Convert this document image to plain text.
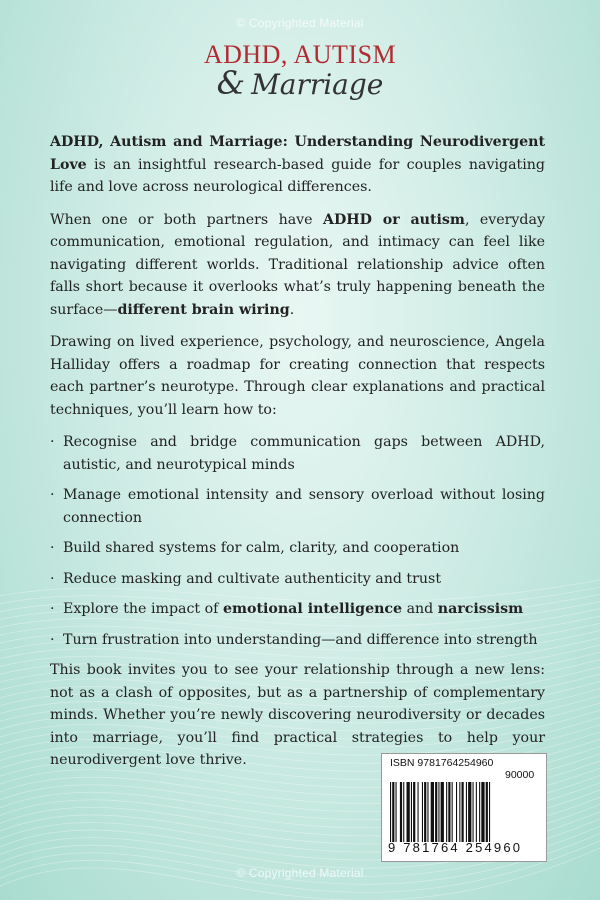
© Copyrighted Material
ADHD, AUTISM
& Marriage

ADHD, Autism and Marriage: Understanding Neurodivergent Love is an insightful research-based guide for couples navigating life and love across neurological differences.

When one or both partners have ADHD or autism, everyday communication, emotional regulation, and intimacy can feel like navigating different worlds. Traditional relationship advice often falls short because it overlooks what’s truly happening beneath the surface—different brain wiring.

Drawing on lived experience, psychology, and neuroscience, Angela Halliday offers a roadmap for creating connection that respects each partner’s neurotype. Through clear explanations and practical techniques, you’ll learn how to:

· Recognise and bridge communication gaps between ADHD, autistic, and neurotypical minds
· Manage emotional intensity and sensory overload without losing connection
· Build shared systems for calm, clarity, and cooperation
· Reduce masking and cultivate authenticity and trust
· Explore the impact of emotional intelligence and narcissism
· Turn frustration into understanding—and difference into strength

This book invites you to see your relationship through a new lens: not as a clash of opposites, but as a partnership of complementary minds. Whether you’re newly discovering neurodiversity or decades into marriage, you’ll find practical strategies to help your neurodivergent love thrive.	ISBN 9781764254960
90000
9 781764 254960
© Copyrighted Material
